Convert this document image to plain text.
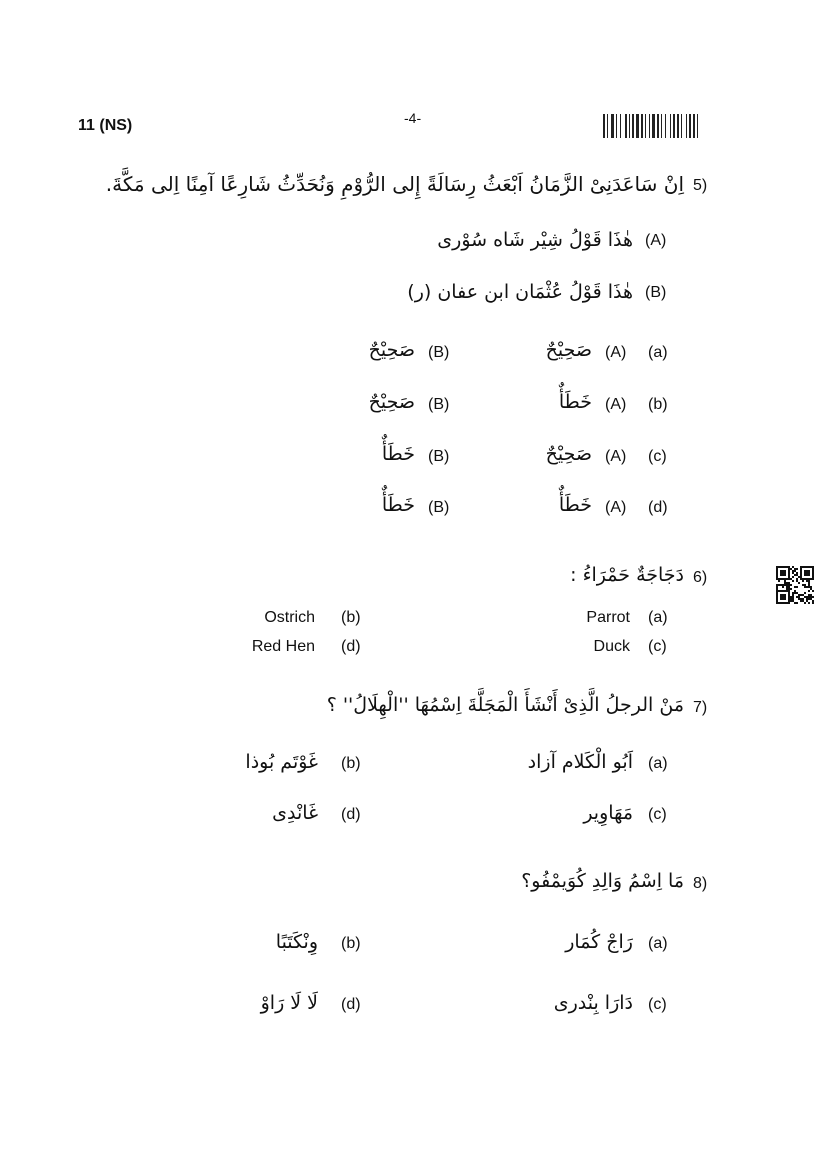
11 (NS)	-4-
5)
اِنْ سَاعَدَنِیْ الزَّمَانُ اَبْعَثُ رِسَالَةً إِلی الرُّوْمِ وَنُحَدِّثُ شَارِعًا آمِنًا اِلی مَكَّةَ.
(A)
هٰذَا قَوْلُ شِیْر شَاه سُوْری
(B)
هٰذَا قَوْلُ عُثْمَان ابن عفان (ر)
(a)
(A)
صَحِیْحٌ
(B)
صَحِیْحٌ
(b)
(A)
خَطَأٌ
(B)
صَحِیْحٌ
(c)
(A)
صَحِیْحٌ
(B)
خَطَأٌ
(d)
(A)
خَطَأٌ
(B)
خَطَأٌ
6)
دَجَاجَةٌ حَمْرَاءُ :
(a)
Parrot
(b)
Ostrich
(c)
Duck
(d)
Red Hen
7)
مَنْ الرجلُ الَّذِیْ أَنْشَأَ الْمَجَلَّةَ اِسْمُهَا ''الْهِلَالُ'' ؟
(a)
اَبُو الْكَلام آزاد
(b)
غَوْتَم بُوذا
(c)
مَهَاوِیر
(d)
غَانْدِی
8)
مَا اِسْمُ وَالِدِ كُوَیمْفُو؟
(a)
رَاجْ كُمَار
(b)
وِنْكَتَبًا
(c)
دَارَا بِنْدری
(d)
لَا لَا رَاوْ
